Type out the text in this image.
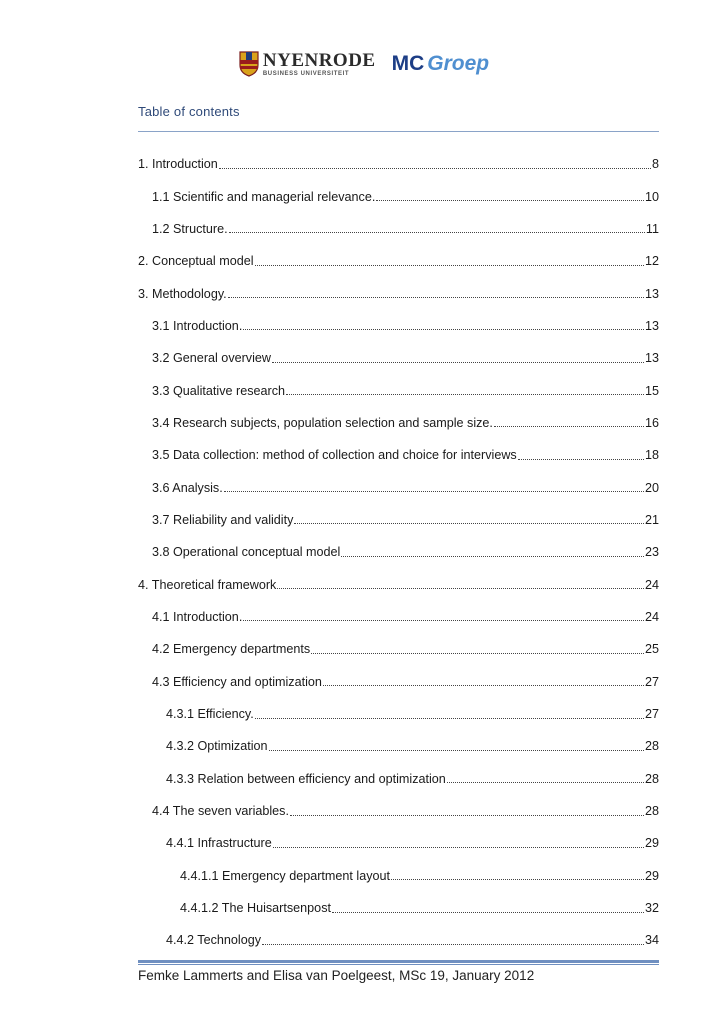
NYENRODE
BUSINESS UNIVERSITEIT	MC Groep
Table of contents
1. Introduction	8
1.1 Scientific and managerial relevance.	10
1.2 Structure.	11
2. Conceptual model	12
3. Methodology.	13
3.1 Introduction.	13
3.2 General overview	13
3.3 Qualitative research	15
3.4 Research subjects, population selection and sample size.	16
3.5 Data collection: method of collection and choice for interviews	18
3.6 Analysis.	20
3.7 Reliability and validity	21
3.8 Operational conceptual model	23
4. Theoretical framework	24
4.1 Introduction.	24
4.2 Emergency departments	25
4.3 Efficiency and optimization	27
4.3.1 Efficiency.	27
4.3.2 Optimization	28
4.3.3 Relation between efficiency and optimization	28
4.4 The seven variables.	28
4.4.1 Infrastructure	29
4.4.1.1 Emergency department layout	29
4.4.1.2 The Huisartsenpost	32
4.4.2 Technology	34
Femke Lammerts and Elisa van Poelgeest, MSc 19, January 2012
